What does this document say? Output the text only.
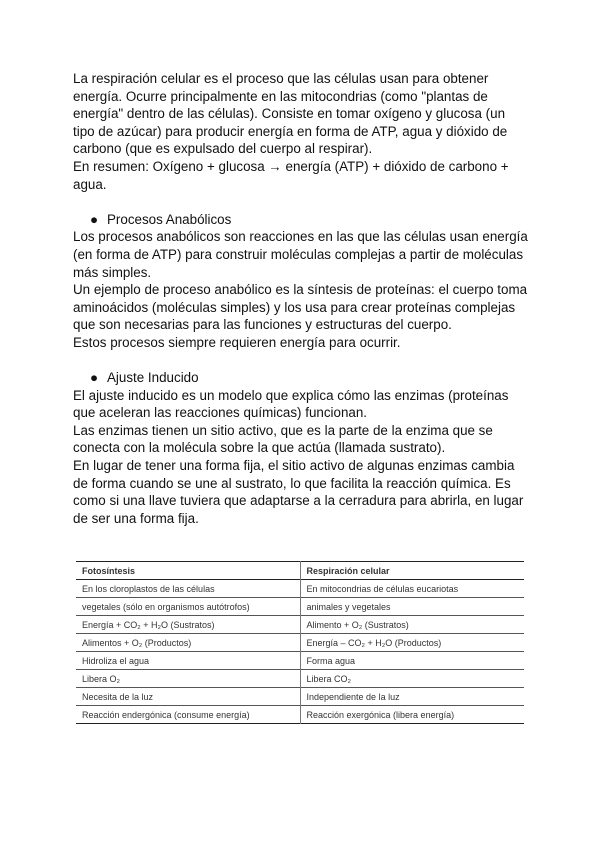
La respiración celular es el proceso que las células usan para obtener energía. Ocurre principalmente en las mitocondrias (como "plantas de energía" dentro de las células). Consiste en tomar oxígeno y glucosa (un tipo de azúcar) para producir energía en forma de ATP, agua y dióxido de carbono (que es expulsado del cuerpo al respirar).

En resumen: Oxígeno + glucosa → energía (ATP) + dióxido de carbono + agua.

● Procesos Anabólicos

Los procesos anabólicos son reacciones en las que las células usan energía (en forma de ATP) para construir moléculas complejas a partir de moléculas más simples.

Un ejemplo de proceso anabólico es la síntesis de proteínas: el cuerpo toma aminoácidos (moléculas simples) y los usa para crear proteínas complejas que son necesarias para las funciones y estructuras del cuerpo.

Estos procesos siempre requieren energía para ocurrir.

● Ajuste Inducido

El ajuste inducido es un modelo que explica cómo las enzimas (proteínas que aceleran las reacciones químicas) funcionan.

Las enzimas tienen un sitio activo, que es la parte de la enzima que se conecta con la molécula sobre la que actúa (llamada sustrato).

En lugar de tener una forma fija, el sitio activo de algunas enzimas cambia de forma cuando se une al sustrato, lo que facilita la reacción química. Es como si una llave tuviera que adaptarse a la cerradura para abrirla, en lugar de ser una forma fija.

Fotosíntesis	Respiración celular
En los cloroplastos de las células	En mitocondrias de células eucariotas
vegetales (sólo en organismos autótrofos)	animales y vegetales
Energía + CO₂ + H₂O (Sustratos)	Alimento + O₂ (Sustratos)
Alimentos + O₂ (Productos)	Energía – CO₂ + H₂O (Productos)
Hidroliza el agua	Forma agua
Libera O₂	Libera CO₂
Necesita de la luz	Independiente de la luz
Reacción endergónica (consume energía)	Reacción exergónica (libera energía)
